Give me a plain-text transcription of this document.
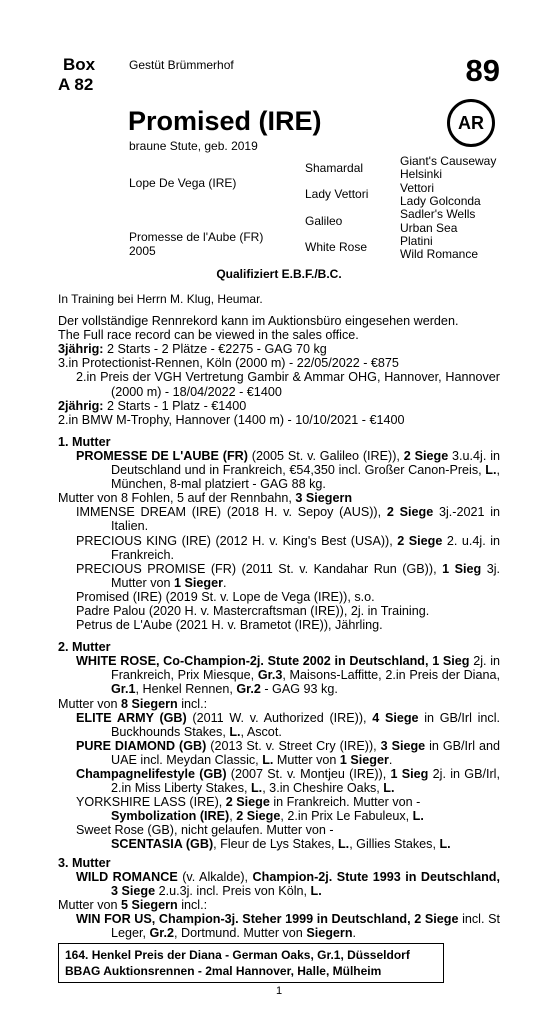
Box
A 82
Gestüt Brümmerhof	89
AR
Promised (IRE)
braune Stute, geb. 2019
Lope De Vega (IRE)
Promesse de l'Aube (FR)
2005
Shamardal
Lady Vettori
Galileo
White Rose
Giant's Causeway
Helsinki
Vettori
Lady Golconda
Sadler's Wells
Urban Sea
Platini
Wild Romance
Qualifiziert E.B.F./B.C.

In Training bei Herrn M. Klug, Heumar.

Der vollständige Rennrekord kann im Auktionsbüro eingesehen werden.

The Full race record can be viewed in the sales office.

3jährig: 2 Starts - 2 Plätze - €2275 - GAG 70 kg

3.in Protectionist-Rennen, Köln (2000 m) - 22/05/2022 - €875

2.in Preis der VGH Vertretung Gambir & Ammar OHG, Hannover, Hannover (2000 m) - 18/04/2022 - €1400

2jährig: 2 Starts - 1 Platz - €1400

2.in BMW M-Trophy, Hannover (1400 m) - 10/10/2021 - €1400

1. Mutter

PROMESSE DE L'AUBE (FR) (2005 St. v. Galileo (IRE)), 2 Siege 3.u.4j. in Deutschland und in Frankreich, €54,350 incl. Großer Canon-Preis, L., München, 8-mal platziert - GAG 88 kg.

Mutter von 8 Fohlen, 5 auf der Rennbahn, 3 Siegern

IMMENSE DREAM (IRE) (2018 H. v. Sepoy (AUS)), 2 Siege 3j.-2021 in Italien.

PRECIOUS KING (IRE) (2012 H. v. King's Best (USA)), 2 Siege 2. u.4j. in Frankreich.

PRECIOUS PROMISE (FR) (2011 St. v. Kandahar Run (GB)), 1 Sieg 3j. Mutter von 1 Sieger.

Promised (IRE) (2019 St. v. Lope de Vega (IRE)), s.o.

Padre Palou (2020 H. v. Mastercraftsman (IRE)), 2j. in Training.

Petrus de L'Aube (2021 H. v. Brametot (IRE)), Jährling.

2. Mutter

WHITE ROSE, Co-Champion-2j. Stute 2002 in Deutschland, 1 Sieg 2j. in Frankreich, Prix Miesque, Gr.3, Maisons-Laffitte, 2.in Preis der Diana, Gr.1, Henkel Rennen, Gr.2 - GAG 93 kg.

Mutter von 8 Siegern incl.:

ELITE ARMY (GB) (2011 W. v. Authorized (IRE)), 4 Siege in GB/Irl incl. Buckhounds Stakes, L., Ascot.

PURE DIAMOND (GB) (2013 St. v. Street Cry (IRE)), 3 Siege in GB/Irl and UAE incl. Meydan Classic, L. Mutter von 1 Sieger.

Champagnelifestyle (GB) (2007 St. v. Montjeu (IRE)), 1 Sieg 2j. in GB/Irl, 2.in Miss Liberty Stakes, L., 3.in Cheshire Oaks, L.

YORKSHIRE LASS (IRE), 2 Siege in Frankreich. Mutter von -
Symbolization (IRE), 2 Siege, 2.in Prix Le Fabuleux, L.

Sweet Rose (GB), nicht gelaufen. Mutter von -
SCENTASIA (GB), Fleur de Lys Stakes, L., Gillies Stakes, L.

3. Mutter

WILD ROMANCE (v. Alkalde), Champion-2j. Stute 1993 in Deutschland, 3 Siege 2.u.3j. incl. Preis von Köln, L.

Mutter von 5 Siegern incl.:

WIN FOR US, Champion-3j. Steher 1999 in Deutschland, 2 Siege incl. St Leger, Gr.2, Dortmund. Mutter von Siegern.

164. Henkel Preis der Diana - German Oaks, Gr.1, Düsseldorf
BBAG Auktionsrennen - 2mal Hannover, Halle, Mülheim
1
